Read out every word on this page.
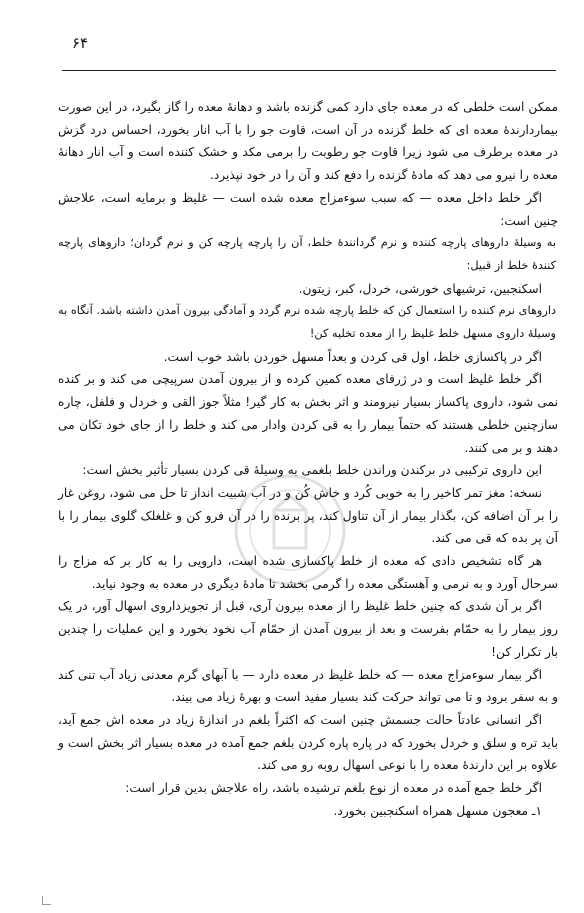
۶۴

ممکن است خلطی که در معده جای دارد کمی گزنده باشد و دهانهٔ معده را گاز بگیرد، در این صورت بیماردارندهٔ معده ای که خلط گزنده در آن است، قاوت جو را با آب انار بخورد، احساس درد گزش در معده برطرف می شود زیرا قاوت جو رطوبت را برمی مکد و خشک کننده است و آب انار دهانهٔ معده را نیرو می دهد که مادهٔ گزنده را دفع کند و آن را در خود نپذیرد.

اگر خلط داخل معده — که سبب سوءمزاج معده شده است — غلیظ و برمایه است، علاجش چنین است:

به وسیلهٔ داروهای پارچه کننده و نرم گردانندهٔ خلط، آن را پارچه پارچه کن و نرم گردان؛ داروهای پارچه کنندهٔ خلط از قبیل:

اسکنجبین، ترشیهای خورشی، خردل، کبر، زیتون.

داروهای نرم کننده را استعمال کن که خلط پارچه شده نرم گردد و آمادگی بیرون آمدن داشته باشد. آنگاه به وسیلهٔ داروی مسهل خلط غلیظ را از معده تخلیه کن!

اگر در پاکسازی خلط، اول قی کردن و بعداً مسهل خوردن باشد خوب است.

اگر خلط غلیظ است و در ژرفای معده کمین کرده و از بیرون آمدن سرپیچی می کند و بر کنده نمی شود، داروی پاکساز بسیار نیرومند و اثر بخش به کار گیر! مثلاً جوز القی و خردل و فلفل، چاره سازچنین خلطی هستند که حتماً بیمار را به قی کردن وادار می کند و خلط را از جای خود تکان می دهند و بر می کنند.

این داروی ترکیبی در برکندن وراندن خلط بلغمی به وسیلهٔ قی کردن بسیار تأثیر بخش است:

نسخه: مغز تمر کاخیر را به خوبی کُرد و خاش کُن و در آب شبیت انداز تا حل می شود، روغن غار را بر آن اضافه کن، بگذار بیمار از آن تناول کند، پر برنده را در آن فرو کن و غلغلک گلوی بیمار را با آن پر بده که قی می کند.

هر گاه تشخیص دادی که معده از خلط پاکسازی شده است، دارویی را به کار بر که مزاج را سرحال آورد و به نرمی و آهستگی معده را گرمی بخشد تا مادهٔ دیگری در معده به وجود نیاید.

اگر بر آن شدی که چنین خلط غلیظ را از معده بیرون آری، قبل از تجویزداروی اسهال آور، در یک روز بیمار را به حمّام بفرست و بعد از بیرون آمدن از حمّام آب نخود بخورد و این عملیات را چندین بار تکرار کن!

اگر بیمار سوءمزاج معده — که خلط غلیظ در معده دارد — با آبهای گرم معدنی زیاد آب تنی کند و به سفر برود و تا می تواند حرکت کند بسیار مفید است و بهرهٔ زیاد می بیند.

اگر انسانی عادتاً حالت جسمش چنین است که اکثراً بلغم در اندازهٔ زیاد در معده اش جمع آید، باید تره و سلق و خردل بخورد که در پاره پاره کردن بلغم جمع آمده در معده بسیار اثر بخش است و علاوه بر این دارندهٔ معده را با نوعی اسهال روبه رو می کند.

اگر خلط جمع آمده در معده از نوع بلغم ترشیده باشد، راه علاجش بدین قرار است:

۱ـ معجون مسهل همراه اسکنجبین بخورد.
